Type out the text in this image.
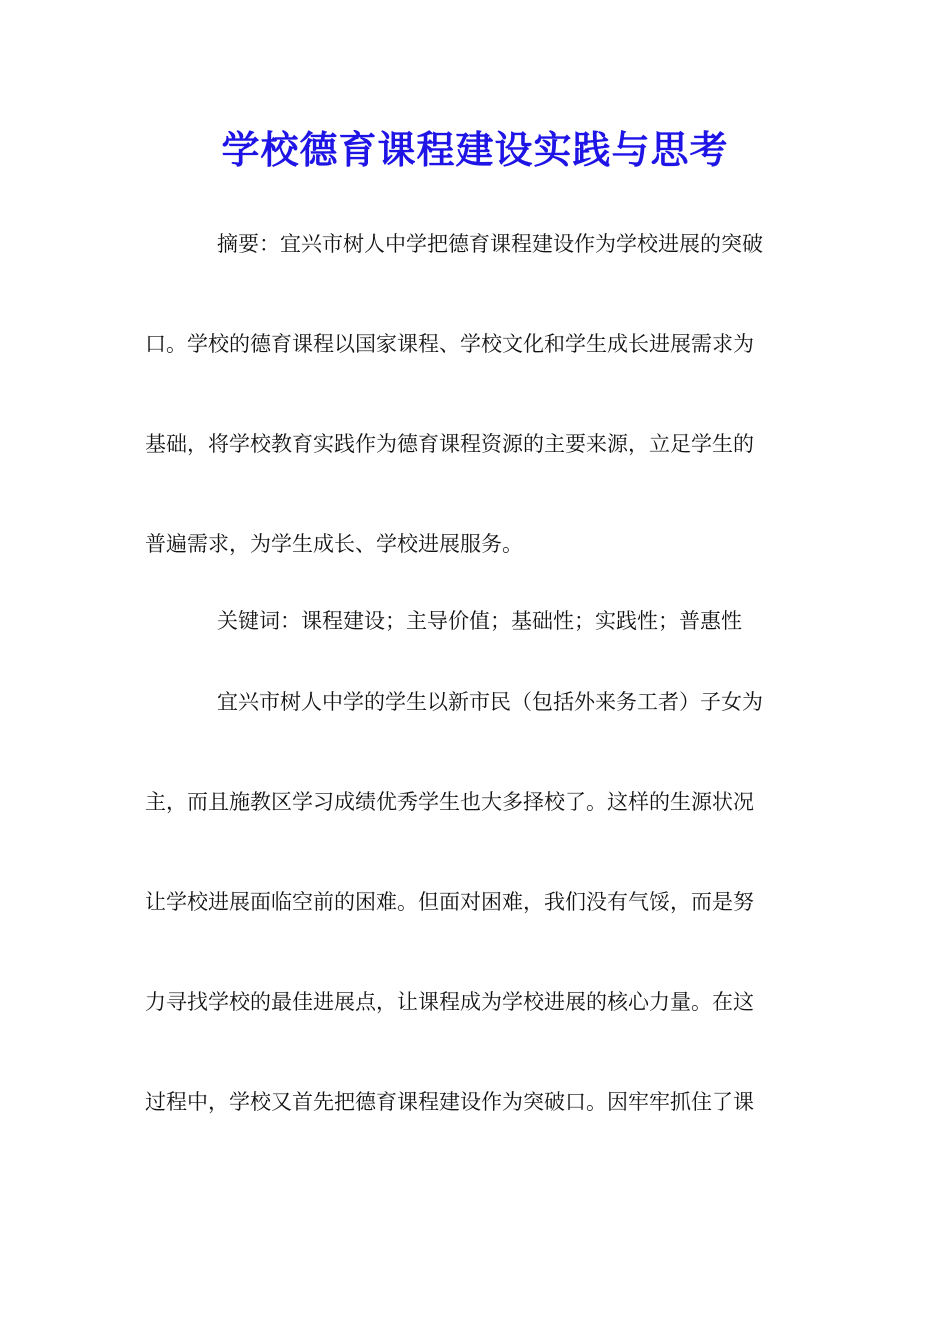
学校德育课程建设实践与思考
摘要：宜兴市树人中学把德育课程建设作为学校进展的突破
口。学校的德育课程以国家课程、学校文化和学生成长进展需求为
基础，将学校教育实践作为德育课程资源的主要来源，立足学生的
普遍需求，为学生成长、学校进展服务。
关键词：课程建设；主导价值；基础性；实践性；普惠性
宜兴市树人中学的学生以新市民（包括外来务工者）子女为
主，而且施教区学习成绩优秀学生也大多择校了。这样的生源状况
让学校进展面临空前的困难。但面对困难，我们没有气馁，而是努
力寻找学校的最佳进展点，让课程成为学校进展的核心力量。在这
过程中，学校又首先把德育课程建设作为突破口。因牢牢抓住了课
